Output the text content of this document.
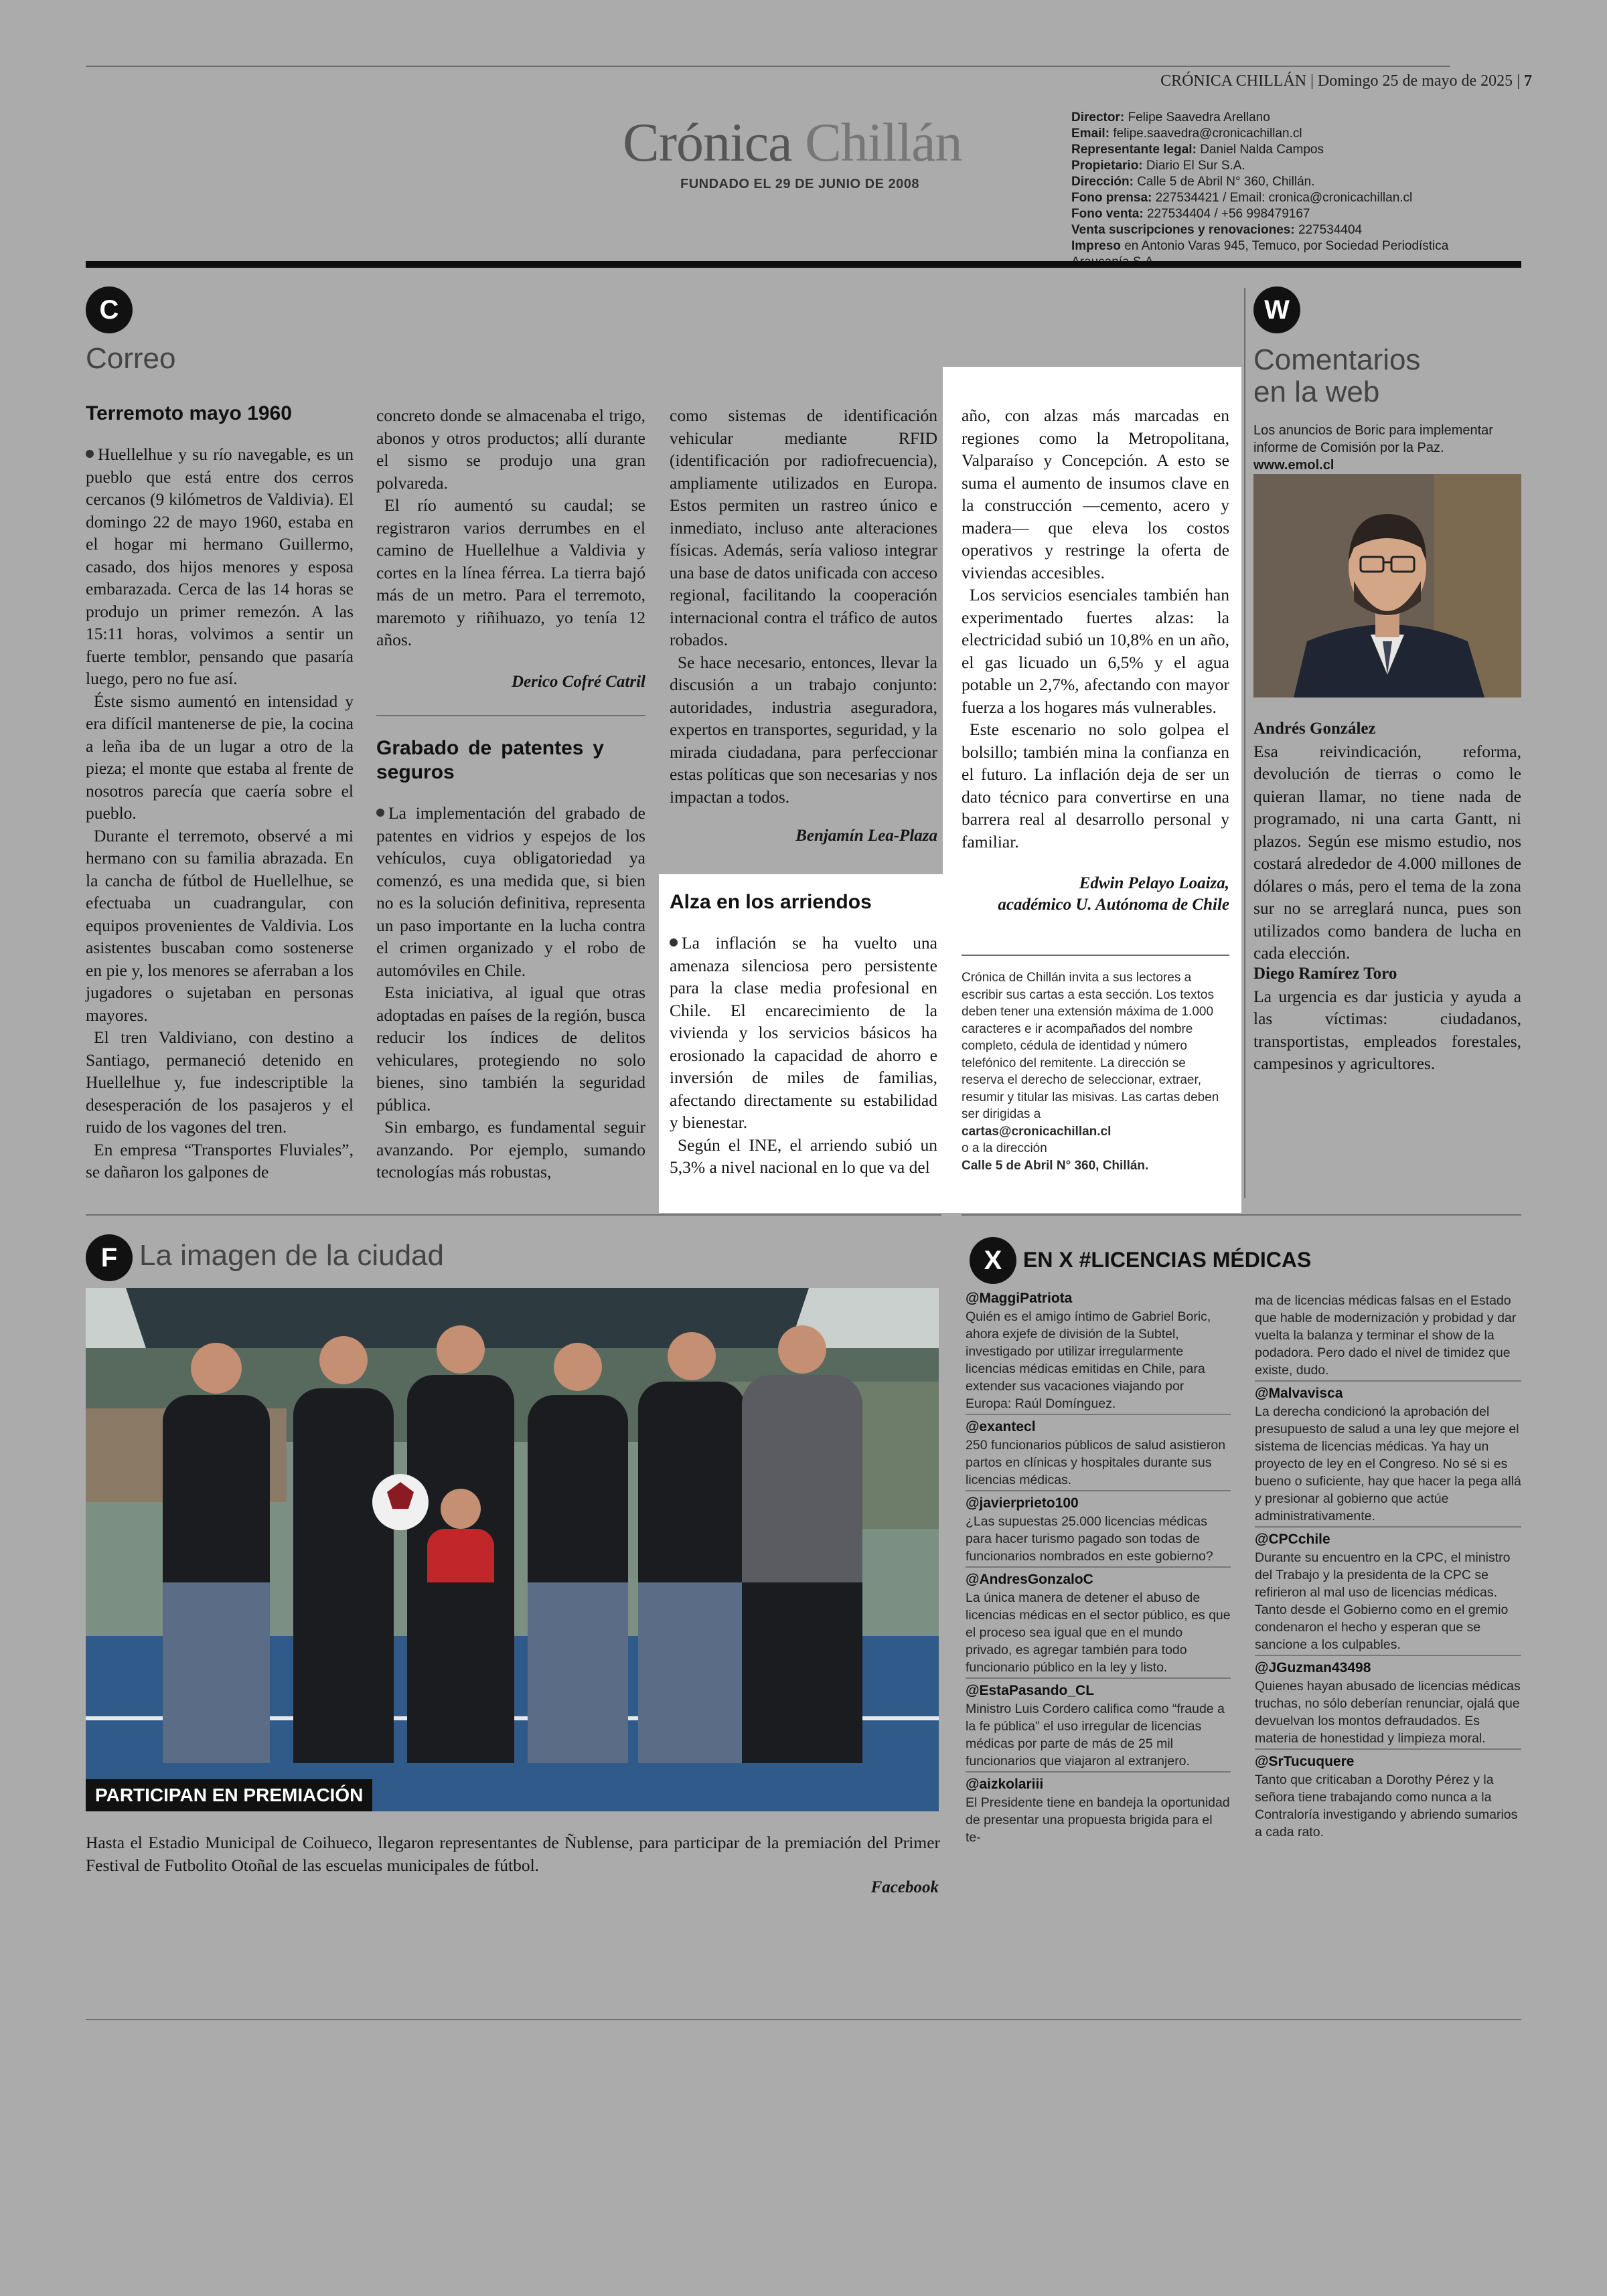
CRÓNICA CHILLÁN | Domingo 25 de mayo de 2025 | 7
Crónica Chillán
FUNDADO EL 29 DE JUNIO DE 2008
Director: Felipe Saavedra Arellano
Email: felipe.saavedra@cronicachillan.cl
Representante legal: Daniel Nalda Campos
Propietario: Diario El Sur S.A.
Dirección: Calle 5 de Abril N° 360, Chillán.
Fono prensa: 227534421 / Email: cronica@cronicachillan.cl
Fono venta: 227534404 / +56 998479167
Venta suscripciones y renovaciones: 227534404
Impreso en Antonio Varas 945, Temuco, por Sociedad Periodística
C
Correo
Terremoto mayo 1960

Huellelhue y su río navegable, es un pueblo que está entre dos cerros cercanos (9 kilómetros de Valdivia). El domingo 22 de mayo 1960, estaba en el hogar mi hermano Guillermo, casado, dos hijos menores y esposa embarazada. Cerca de las 14 horas se produjo un primer remezón. A las 15:11 horas, volvimos a sentir un fuerte temblor, pensando que pasaría luego, pero no fue así.

Éste sismo aumentó en intensidad y era difícil mantenerse de pie, la cocina a leña iba de un lugar a otro de la pieza; el monte que estaba al frente de nosotros parecía que caería sobre el pueblo.

Durante el terremoto, observé a mi hermano con su familia abrazada. En la cancha de fútbol de Huellelhue, se efectuaba un cuadrangular, con equipos provenientes de Valdivia. Los asistentes buscaban como sostenerse en pie y, los menores se aferraban a los jugadores o sujetaban en personas mayores.

El tren Valdiviano, con destino a Santiago, permaneció detenido en Huellelhue y, fue indescriptible la desesperación de los pasajeros y el ruido de los vagones del tren.

En empresa “Transportes Fluviales”, se dañaron los galpones de

concreto donde se almacenaba el trigo, abonos y otros productos; allí durante el sismo se produjo una gran polvareda.

El río aumentó su caudal; se registraron varios derrumbes en el camino de Huellelhue a Valdivia y cortes en la línea férrea. La tierra bajó más de un metro. Para el terremoto, maremoto y riñihuazo, yo tenía 12 años.

Derico Cofré Catril
Grabado de patentes y seguros

La implementación del grabado de patentes en vidrios y espejos de los vehículos, cuya obligatoriedad ya comenzó, es una medida que, si bien no es la solución definitiva, representa un paso importante en la lucha contra el crimen organizado y el robo de automóviles en Chile.

Esta iniciativa, al igual que otras adoptadas en países de la región, busca reducir los índices de delitos vehiculares, protegiendo no solo bienes, sino también la seguridad pública.

Sin embargo, es fundamental seguir avanzando. Por ejemplo, sumando tecnologías más robustas,

como sistemas de identificación vehicular mediante RFID (identificación por radiofrecuencia), ampliamente utilizados en Europa. Estos permiten un rastreo único e inmediato, incluso ante alteraciones físicas. Además, sería valioso integrar una base de datos unificada con acceso regional, facilitando la cooperación internacional contra el tráfico de autos robados.

Se hace necesario, entonces, llevar la discusión a un trabajo conjunto: autoridades, industria aseguradora, expertos en transportes, seguridad, y la mirada ciudadana, para perfeccionar estas políticas que son necesarias y nos impactan a todos.

Benjamín Lea-Plaza
Alza en los arriendos

La inflación se ha vuelto una amenaza silenciosa pero persistente para la clase media profesional en Chile. El encarecimiento de la vivienda y los servicios básicos ha erosionado la capacidad de ahorro e inversión de miles de familias, afectando directamente su estabilidad y bienestar.

Según el INE, el arriendo subió un 5,3% a nivel nacional en lo que va del

año, con alzas más marcadas en regiones como la Metropolitana, Valparaíso y Concepción. A esto se suma el aumento de insumos clave en la construcción —cemento, acero y madera— que eleva los costos operativos y restringe la oferta de viviendas accesibles.

Los servicios esenciales también han experimentado fuertes alzas: la electricidad subió un 10,8% en un año, el gas licuado un 6,5% y el agua potable un 2,7%, afectando con mayor fuerza a los hogares más vulnerables.

Este escenario no solo golpea el bolsillo; también mina la confianza en el futuro. La inflación deja de ser un dato técnico para convertirse en una barrera real al desarrollo personal y familiar.

Edwin Pelayo Loaiza,
académico U. Autónoma de Chile
Crónica de Chillán invita a sus lectores a escribir sus cartas a esta sección. Los textos deben tener una extensión máxima de 1.000 caracteres e ir acompañados del nombre completo, cédula de identidad y número telefónico del remitente. La dirección se reserva el derecho de seleccionar, extraer, resumir y titular las misivas. Las cartas deben ser dirigidas a
cartas@cronicachillan.cl
o a la dirección
Calle 5 de Abril N° 360, Chillán.
W
Comentarios
en la web
Los anuncios de Boric para implementar informe de Comisión por la Paz. www.emol.cl
Andrés González

Esa reivindicación, reforma, devolución de tierras o como le quieran llamar, no tiene nada de programado, ni una carta Gantt, ni plazos. Según ese mismo estudio, nos costará alrededor de 4.000 millones de dólares o más, pero el tema de la zona sur no se arreglará nunca, pues son utilizados como bandera de lucha en cada elección.

Diego Ramírez Toro

La urgencia es dar justicia y ayuda a las víctimas: ciudadanos, transportistas, empleados forestales, campesinos y agricultores.

F La imagen de la ciudad
PARTICIPAN EN PREMIACIÓN

Hasta el Estadio Municipal de Coihueco, llegaron representantes de Ñublense, para participar de la premiación del Primer Festival de Futbolito Otoñal de las escuelas municipales de fútbol.

Facebook
X EN X #LICENCIAS MÉDICAS
@MaggiPatriota
Quién es el amigo íntimo de Gabriel Boric, ahora exjefe de división de la Subtel, investigado por utilizar irregularmente licencias médicas emitidas en Chile, para extender sus vacaciones viajando por Europa: Raúl Domínguez.
@exantecl
250 funcionarios públicos de salud asistieron partos en clínicas y hospitales durante sus licencias médicas.
@javierprieto100
¿Las supuestas 25.000 licencias médicas para hacer turismo pagado son todas de funcionarios nombrados en este gobierno?
@AndresGonzaloC
La única manera de detener el abuso de licencias médicas en el sector público, es que el proceso sea igual que en el mundo privado, es agregar también para todo funcionario público en la ley y listo.
@EstaPasando_CL
Ministro Luis Cordero califica como “fraude a la fe pública” el uso irregular de licencias médicas por parte de más de 25 mil funcionarios que viajaron al extranjero.
@aizkolariii
El Presidente tiene en bandeja la oportunidad de presentar una propuesta brigida para el te-
ma de licencias médicas falsas en el Estado que hable de modernización y probidad y dar vuelta la balanza y terminar el show de la podadora. Pero dado el nivel de timidez que existe, dudo.
@Malvavisca
La derecha condicionó la aprobación del presupuesto de salud a una ley que mejore el sistema de licencias médicas. Ya hay un proyecto de ley en el Congreso. No sé si es bueno o suficiente, hay que hacer la pega allá y presionar al gobierno que actúe administrativamente.
@CPCchile
Durante su encuentro en la CPC, el ministro del Trabajo y la presidenta de la CPC se refirieron al mal uso de licencias médicas. Tanto desde el Gobierno como en el gremio condenaron el hecho y esperan que se sancione a los culpables.
@JGuzman43498
Quienes hayan abusado de licencias médicas truchas, no sólo deberían renunciar, ojalá que devuelvan los montos defraudados. Es materia de honestidad y limpieza moral.
@SrTucuquere
Tanto que criticaban a Dorothy Pérez y la señora tiene trabajando como nunca a la Contraloría investigando y abriendo sumarios a cada rato.
